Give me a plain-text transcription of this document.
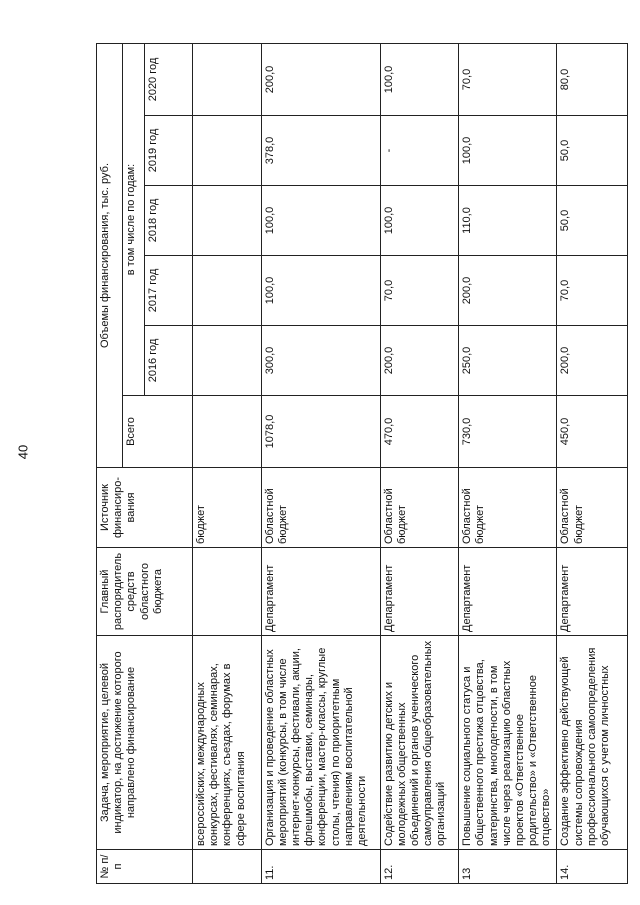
40
№ п/п	Задача, мероприятие, целевой индикатор, на достижение которого направлено финансирование	Главный распорядитель средств областного бюджета	Источник финансиро-вания	Объемы финансирования, тыс. руб.					
				Всего	в том числе по годам:				
					2016 год	2017 год	2018 год	2019 год	2020 год
	всероссийских, международных конкурсах, фестивалях, семинарах, конференциях, съездах, форумах в сфере воспитания		бюджет						
11.	Организация и проведение областных мероприятий (конкурсы, в том числе интернет-конкурсы, фестивали, акции, флешмобы, выставки, семинары, конференции, мастер-классы, круглые столы, чтения) по приоритетным направлениям воспитательной деятельности	Департамент	Областной бюджет	1078,0	300,0	100,0	100,0	378,0	200,0
12.	Содействие развитию детских и молодежных общественных объединений и органов ученического самоуправления общеобразовательных организаций	Департамент	Областной бюджет	470,0	200,0	70,0	100,0	-	100,0
13	Повышение социального статуса и общественного престижа отцовства, материнства, многодетности, в том числе через реализацию областных проектов «Ответственное родительство» и «Ответственное отцовство»	Департамент	Областной бюджет	730,0	250,0	200,0	110,0	100,0	70,0
14.	Создание эффективно действующей системы сопровождения профессионального самоопределения обучающихся с учетом личностных	Департамент	Областной бюджет	450,0	200,0	70,0	50,0	50,0	80,0
